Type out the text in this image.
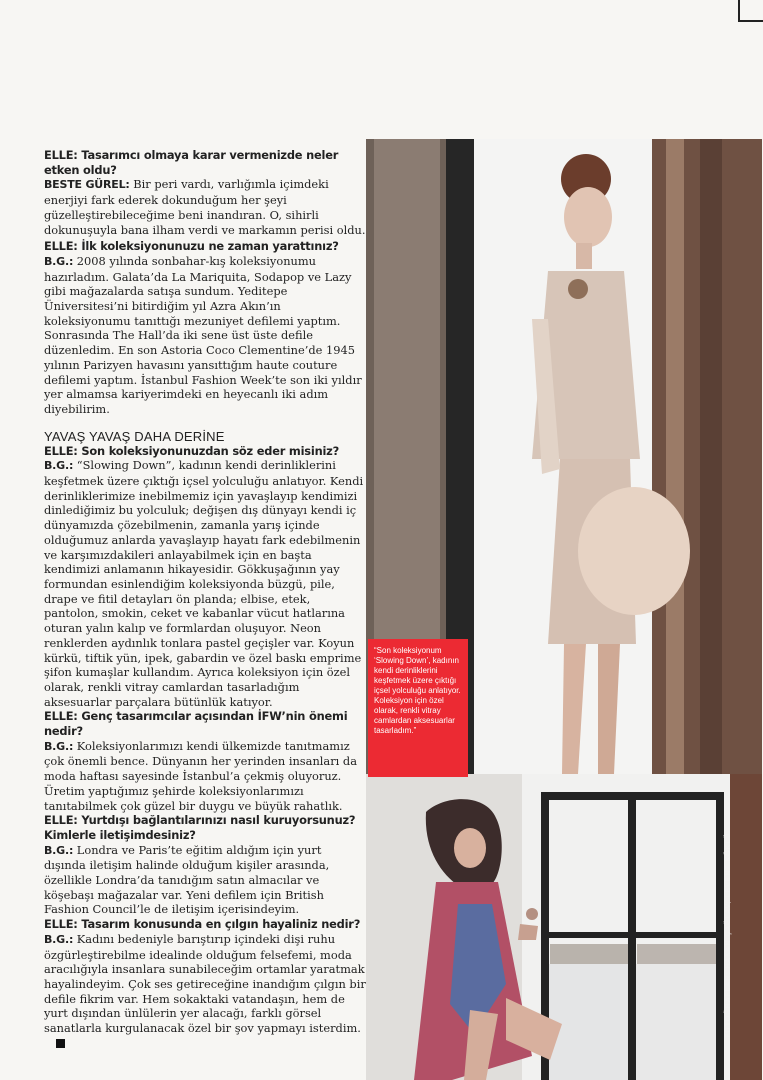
ELLE: Tasarımcı olmaya karar vermenizde neler etken oldu?
BESTE GÜREL: Bir peri vardı, varlığımla içimdeki enerjiyi fark ederek dokunduğum her şeyi güzelleştirebileceğime beni inandıran. O, sihirli dokunuşuyla bana ilham verdi ve markamın perisi oldu.

ELLE: İlk koleksiyonunuzu ne zaman yarattınız?
B.G.: 2008 yılında sonbahar-kış koleksiyonumu hazırladım. Galata’da La Mariquita, Sodapop ve Lazy gibi mağazalarda satışa sundum. Yeditepe Üniversitesi’ni bitirdiğim yıl Azra Akın’ın koleksiyonumu tanıttığı mezuniyet defilemi yaptım. Sonrasında The Hall’da iki sene üst üste defile düzenledim. En son Astoria Coco Clementine’de 1945 yılının Parizyen havasını yansıttığım haute couture defilemi yaptım. İstanbul Fashion Week’te son iki yıldır yer almamsa kariyerimdeki en heyecanlı iki adım diyebilirim.

YAVAŞ YAVAŞ DAHA DERİNE

ELLE: Son koleksiyonunuzdan söz eder misiniz?
B.G.: “Slowing Down”, kadının kendi derinliklerini keşfetmek üzere çıktığı içsel yolculuğu anlatıyor. Kendi derinliklerimize inebilmemiz için yavaşlayıp kendimizi dinlediğimiz bu yolculuk; değişen dış dünyayı kendi iç dünyamızda çözebilmenin, zamanla yarış içinde olduğumuz anlarda yavaşlayıp hayatı fark edebilmenin ve karşımızdakileri anlayabilmek için en başta kendimizi anlamanın hikayesidir. Gökkuşağının yay formundan esinlendiğim koleksiyonda büzgü, pile, drape ve fitil detayları ön planda; elbise, etek, pantolon, smokin, ceket ve kabanlar vücut hatlarına oturan yalın kalıp ve formlardan oluşuyor. Neon renklerden aydınlık tonlara pastel geçişler var. Koyun kürkü, tiftik yün, ipek, gabardin ve özel baskı emprime şifon kumaşlar kullandım. Ayrıca koleksiyon için özel olarak, renkli vitray camlardan tasarladığım aksesuarlar parçalara bütünlük katıyor.

ELLE: Genç tasarımcılar açısından İFW’nin önemi nedir?
B.G.: Koleksiyonlarımızı kendi ülkemizde tanıtmamız çok önemli bence. Dünyanın her yerinden insanları da moda haftası sayesinde İstanbul’a çekmiş oluyoruz. Üretim yaptığımız şehirde koleksiyonlarımızı tanıtabilmek çok güzel bir duygu ve büyük rahatlık.

ELLE: Yurtdışı bağlantılarınızı nasıl kuruyorsunuz? Kimlerle iletişimdesiniz?
B.G.: Londra ve Paris’te eğitim aldığım için yurt dışında iletişim halinde olduğum kişiler arasında, özellikle Londra’da tanıdığım satın almacılar ve köşebaşı mağazalar var. Yeni defilem için British Fashion Council’le de iletişim içerisindeyim.

ELLE: Tasarım konusunda en çılgın hayaliniz nedir?
B.G.: Kadını bedeniyle barıştırıp içindeki dişi ruhu özgürleştirebilme idealinde olduğum felsefemi, moda aracılığıyla insanlara sunabileceğim ortamlar yaratmak hayalindeyim. Çok ses getireceğine inandığım çılgın bir defile fikrim var. Hem sokaktaki vatandaşın, hem de yurt dışından ünlülerin yer alacağı, farklı görsel sanatlarla kurgulanacak özel bir şov yapmayı isterdim.

“Son koleksiyonum ‘Slowing Down’, kadının kendi derinliklerini keşfetmek üzere çıktığı içsel yolculuğu anlatıyor. Koleksiyon için özel olarak, renkli vitray camlardan aksesuarlar tasarladım.”
FOTOĞRAFLAR: HAKAN ÇAĞLAV, LEVENT KÖKLÜ
